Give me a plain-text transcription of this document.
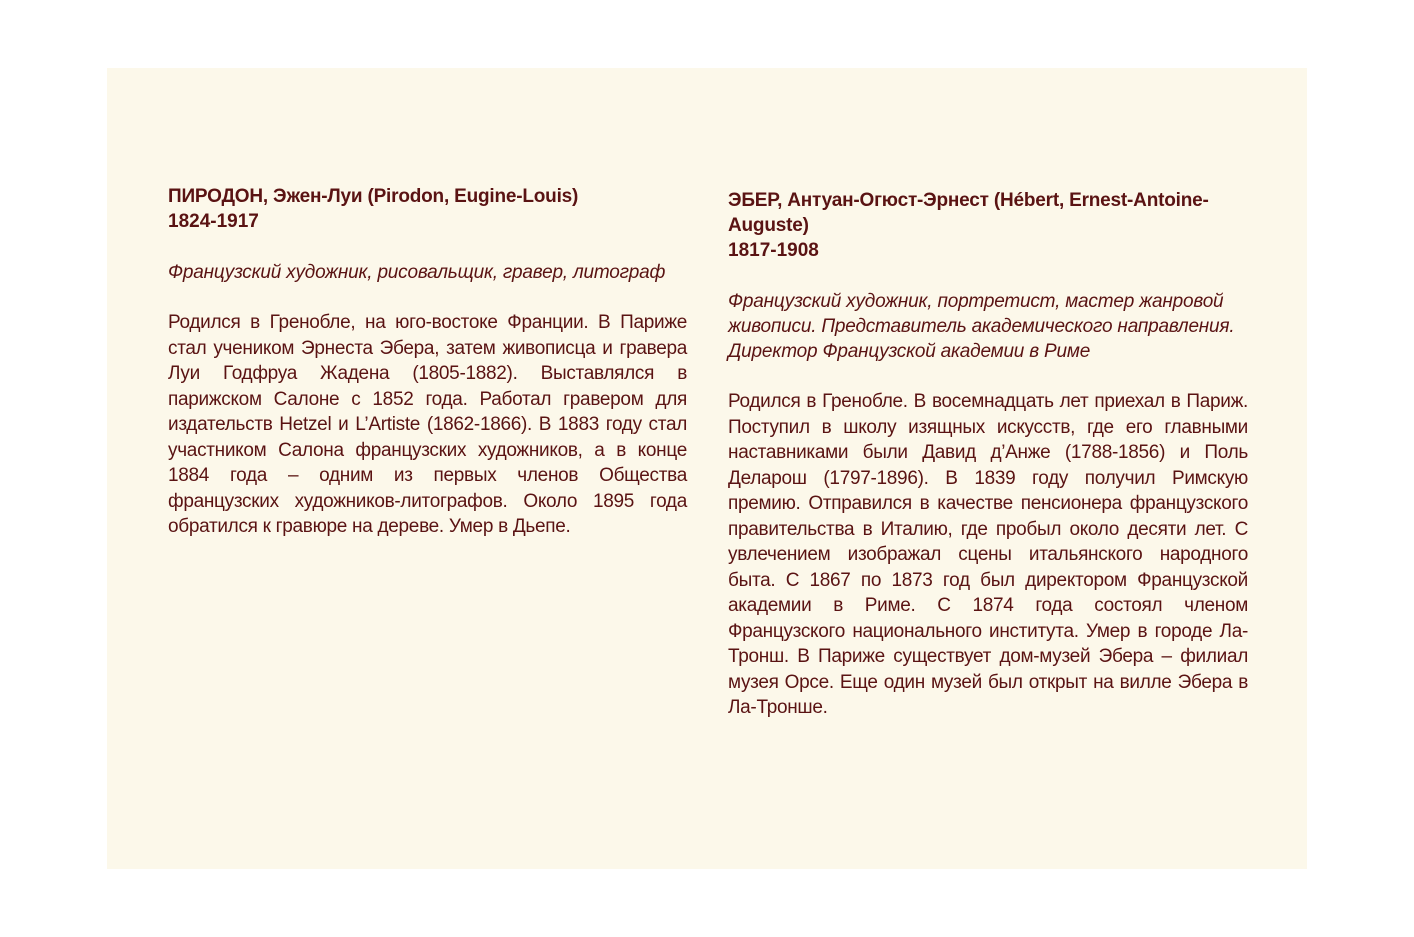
ПИРОДОН, Эжен-Луи (Pirodon, Eugine-Louis)

1824-1917

Французский художник, рисовальщик, гравер, литограф

Родился в Гренобле, на юго-востоке Франции. В Париже стал учеником Эрнеста Эбера, затем живописца и гравера Луи Годфруа Жадена (1805-1882). Выставлялся в парижском Салоне с 1852 года. Работал гравером для издательств Hetzel и L’Artiste (1862-1866). В 1883 году стал участником Салона французских художников, а в конце 1884 года – одним из первых членов Общества французских художников-литографов. Около 1895 года обратился к гравюре на дереве. Умер в Дьепе.

ЭБЕР, Антуан-Огюст-Эрнест (Hébert, Ernest-Antoine-Auguste)

1817-1908

Французский художник, портретист, мастер жанровой живописи. Представитель академического направления. Директор Французской академии в Риме

Родился в Гренобле. В восемнадцать лет приехал в Париж. Поступил в школу изящных искусств, где его главными наставниками были Давид д’Анже (1788-1856) и Поль Деларош (1797-1896). В 1839 году получил Римскую премию. Отправился в качестве пенсионера французского правительства в Италию, где пробыл около десяти лет. С увлечением изображал сцены итальянского народного быта. С 1867 по 1873 год был директором Французской академии в Риме. С 1874 года состоял членом Французского национального института. Умер в городе Ла-Тронш. В Париже существует дом-музей Эбера – филиал музея Орсе. Еще один музей был открыт на вилле Эбера в Ла-Тронше.
